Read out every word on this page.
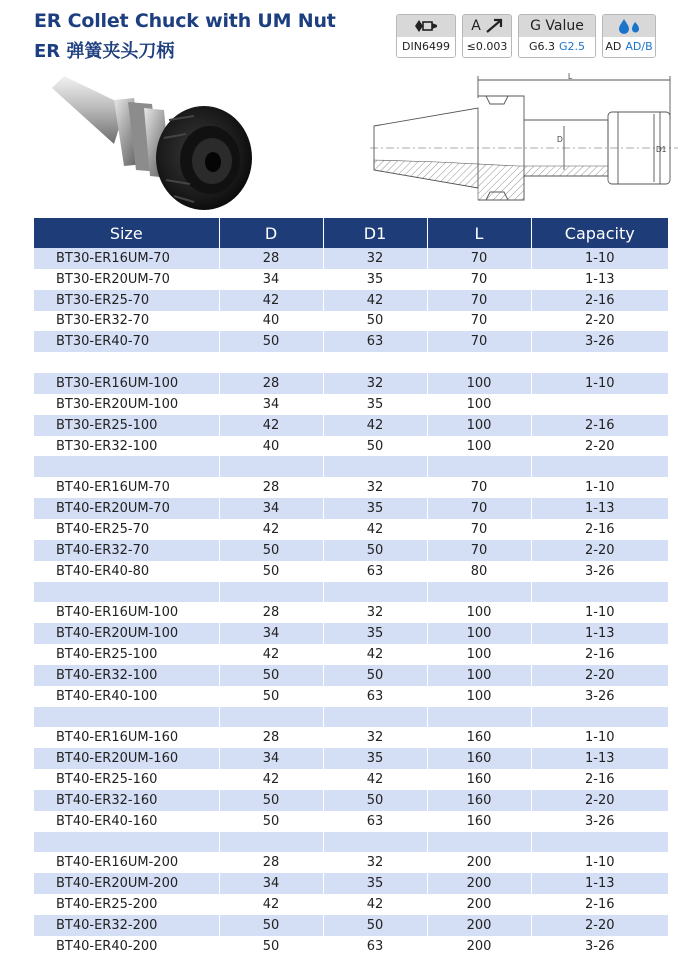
ER Collet Chuck with UM Nut
ER 弹簧夹头刀柄	DIN6499
A
≤0.003
G Value
G6.3 G2.5 AD AD/B
L
D
D1
Size	D	D1	L	Capacity
BT30-ER16UM-70	28	32	70	1-10
BT30-ER20UM-70	34	35	70	1-13
BT30-ER25-70	42	42	70	2-16
BT30-ER32-70	40	50	70	2-20
BT30-ER40-70	50	63	70	3-26

BT30-ER16UM-100	28	32	100	1-10
BT30-ER20UM-100	34	35	100	
BT30-ER25-100	42	42	100	2-16
BT30-ER32-100	40	50	100	2-20

BT40-ER16UM-70	28	32	70	1-10
BT40-ER20UM-70	34	35	70	1-13
BT40-ER25-70	42	42	70	2-16
BT40-ER32-70	50	50	70	2-20
BT40-ER40-80	50	63	80	3-26

BT40-ER16UM-100	28	32	100	1-10
BT40-ER20UM-100	34	35	100	1-13
BT40-ER25-100	42	42	100	2-16
BT40-ER32-100	50	50	100	2-20
BT40-ER40-100	50	63	100	3-26

BT40-ER16UM-160	28	32	160	1-10
BT40-ER20UM-160	34	35	160	1-13
BT40-ER25-160	42	42	160	2-16
BT40-ER32-160	50	50	160	2-20
BT40-ER40-160	50	63	160	3-26

BT40-ER16UM-200	28	32	200	1-10
BT40-ER20UM-200	34	35	200	1-13
BT40-ER25-200	42	42	200	2-16
BT40-ER32-200	50	50	200	2-20
BT40-ER40-200	50	63	200	3-26
